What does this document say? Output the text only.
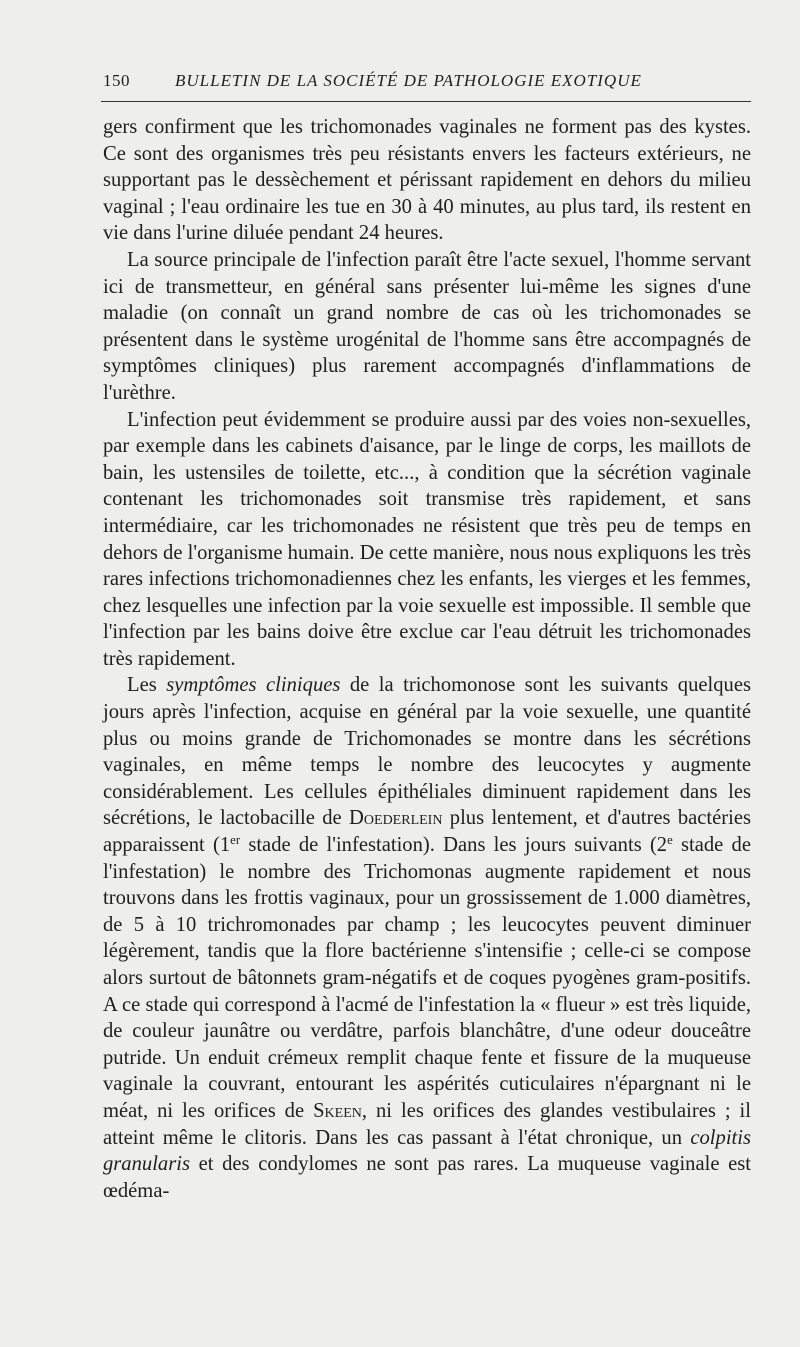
150	BULLETIN DE LA SOCIÉTÉ DE PATHOLOGIE EXOTIQUE

gers confirment que les trichomonades vaginales ne forment pas des kystes. Ce sont des organismes très peu résistants envers les facteurs extérieurs, ne supportant pas le dessèchement et périssant rapidement en dehors du milieu vaginal ; l'eau ordinaire les tue en 30 à 40 minutes, au plus tard, ils restent en vie dans l'urine diluée pendant 24 heures.

La source principale de l'infection paraît être l'acte sexuel, l'homme servant ici de transmetteur, en général sans présenter lui-même les signes d'une maladie (on connaît un grand nombre de cas où les trichomonades se présentent dans le système urogénital de l'homme sans être accompagnés de symptômes cliniques) plus rarement accompagnés d'inflammations de l'urèthre.

L'infection peut évidemment se produire aussi par des voies non-sexuelles, par exemple dans les cabinets d'aisance, par le linge de corps, les maillots de bain, les ustensiles de toilette, etc..., à condition que la sécrétion vaginale contenant les trichomonades soit transmise très rapidement, et sans intermédiaire, car les trichomonades ne résistent que très peu de temps en dehors de l'organisme humain. De cette manière, nous nous expliquons les très rares infections trichomonadiennes chez les enfants, les vierges et les femmes, chez lesquelles une infection par la voie sexuelle est impossible. Il semble que l'infection par les bains doive être exclue car l'eau détruit les trichomonades très rapidement.

Les symptômes cliniques de la trichomonose sont les suivants quelques jours après l'infection, acquise en général par la voie sexuelle, une quantité plus ou moins grande de Trichomonades se montre dans les sécrétions vaginales, en même temps le nombre des leucocytes y augmente considérablement. Les cellules épithéliales diminuent rapidement dans les sécrétions, le lactobacille de Doederlein plus lentement, et d'autres bactéries apparaissent (1er stade de l'infestation). Dans les jours suivants (2e stade de l'infestation) le nombre des Trichomonas augmente rapidement et nous trouvons dans les frottis vaginaux, pour un grossissement de 1.000 diamètres, de 5 à 10 trichromonades par champ ; les leucocytes peuvent diminuer légèrement, tandis que la flore bactérienne s'intensifie ; celle-ci se compose alors surtout de bâtonnets gram-négatifs et de coques pyogènes gram-positifs. A ce stade qui correspond à l'acmé de l'infestation la « flueur » est très liquide, de couleur jaunâtre ou verdâtre, parfois blanchâtre, d'une odeur douceâtre putride. Un enduit crémeux remplit chaque fente et fissure de la muqueuse vaginale la couvrant, entourant les aspérités cuticulaires n'épargnant ni le méat, ni les orifices de Skeen, ni les orifices des glandes vestibulaires ; il atteint même le clitoris. Dans les cas passant à l'état chronique, un colpitis granularis et des condylomes ne sont pas rares. La muqueuse vaginale est œdéma-
